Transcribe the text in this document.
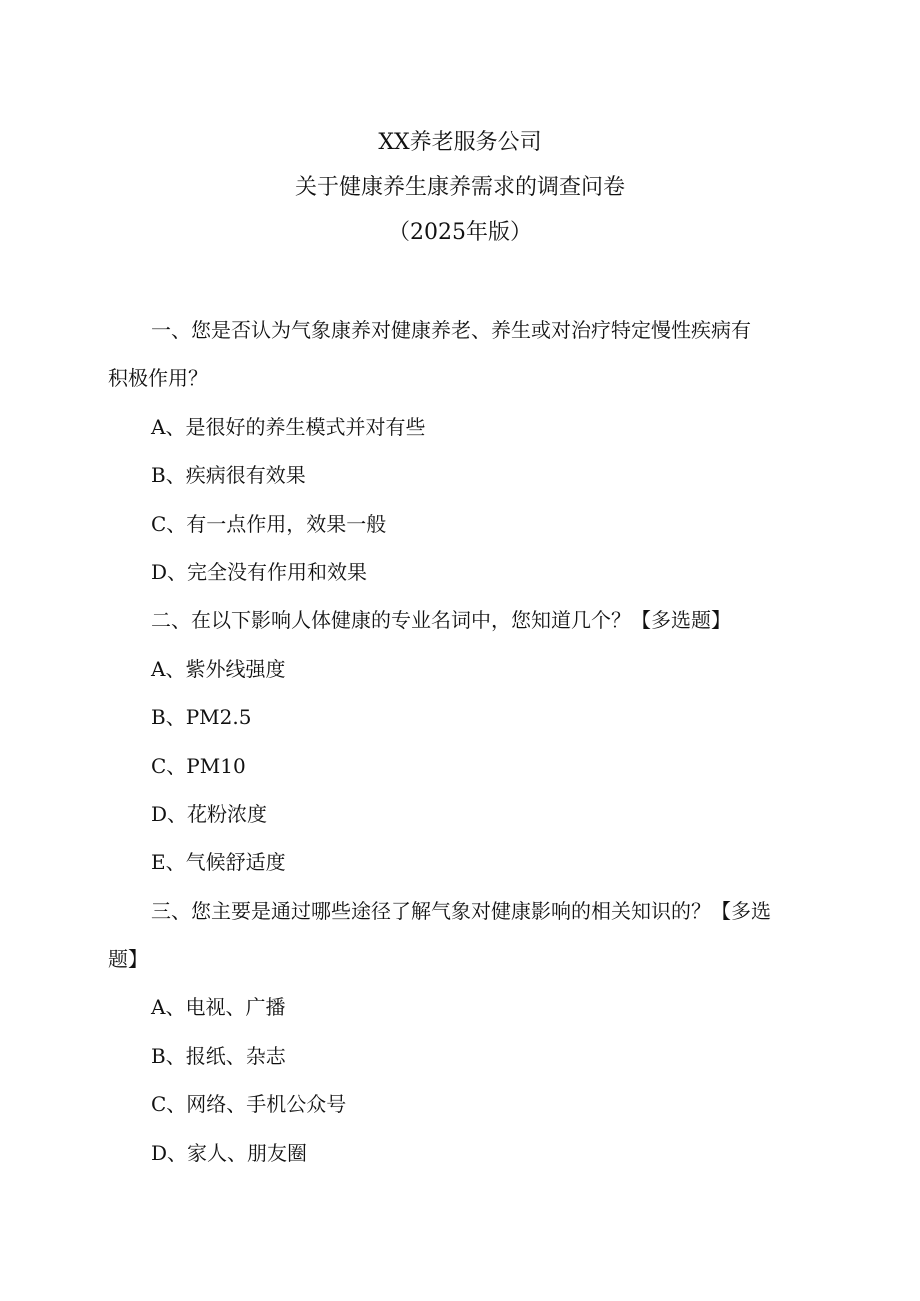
XX养老服务公司
关于健康养生康养需求的调查问卷
（2025年版）
一、您是否认为气象康养对健康养老、养生或对治疗特定慢性疾病有
积极作用？
A、是很好的养生模式并对有些
B、疾病很有效果
C、有一点作用，效果一般
D、完全没有作用和效果
二、在以下影响人体健康的专业名词中，您知道几个？【多选题】
A、紫外线强度
B、PM2.5
C、PM10
D、花粉浓度
E、气候舒适度
三、您主要是通过哪些途径了解气象对健康影响的相关知识的？【多选
题】
A、电视、广播
B、报纸、杂志
C、网络、手机公众号
D、家人、朋友圈
